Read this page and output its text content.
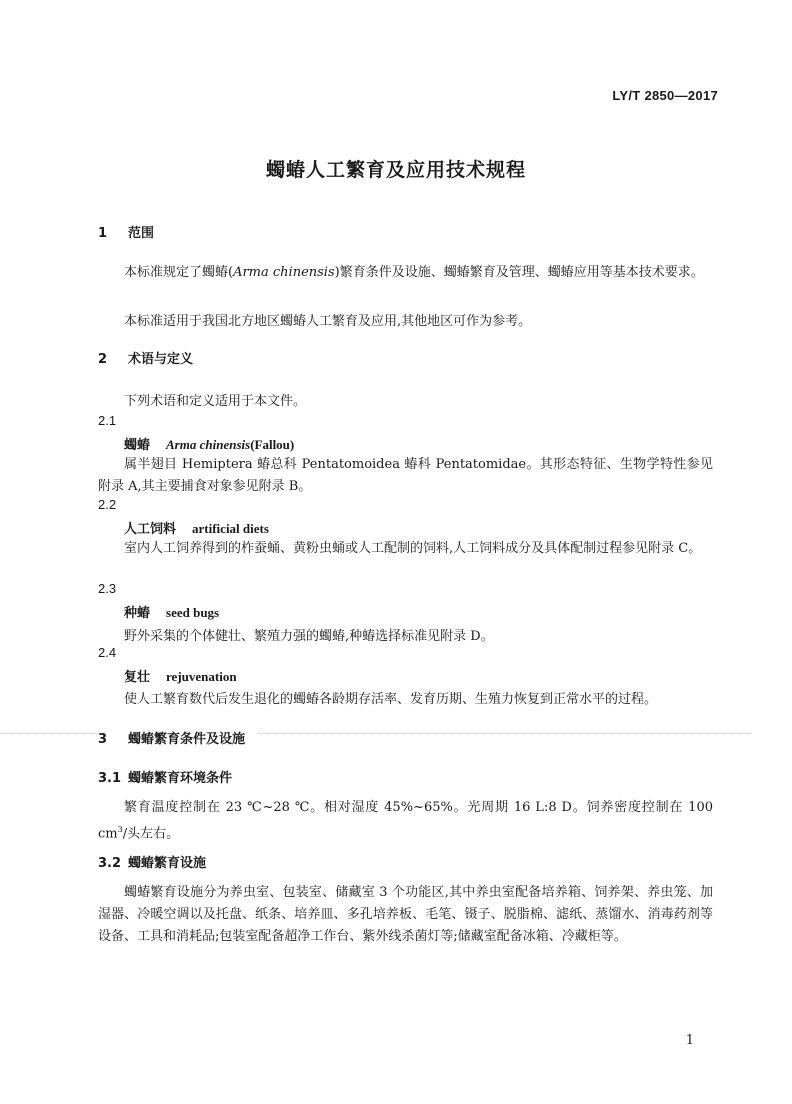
LY/T 2850—2017
蠋蝽人工繁育及应用技术规程
1 范围
本标准规定了蠋蝽(Arma chinensis)繁育条件及设施、蠋蝽繁育及管理、蠋蝽应用等基本技术要求。
本标准适用于我国北方地区蠋蝽人工繁育及应用,其他地区可作为参考。
2 术语与定义
下列术语和定义适用于本文件。
2.1
蠋蝽 Arma chinensis(Fallou)
属半翅目 Hemiptera 蝽总科 Pentatomoidea 蝽科 Pentatomidae。其形态特征、生物学特性参见附录 A,其主要捕食对象参见附录 B。
2.2
人工饲料 artificial diets
室内人工饲养得到的柞蚕蛹、黄粉虫蛹或人工配制的饲料,人工饲料成分及具体配制过程参见附录 C。
2.3
种蝽 seed bugs
野外采集的个体健壮、繁殖力强的蠋蝽,种蝽选择标准见附录 D。
2.4
复壮 rejuvenation
使人工繁育数代后发生退化的蠋蝽各龄期存活率、发育历期、生殖力恢复到正常水平的过程。
3 蠋蝽繁育条件及设施
3.1 蠋蝽繁育环境条件
繁育温度控制在 23 ℃~28 ℃。相对湿度 45%~65%。光周期 16 L:8 D。饲养密度控制在 100 $cm^3/$头左右。
3.2 蠋蝽繁育设施
蠋蝽繁育设施分为养虫室、包装室、储藏室 3 个功能区,其中养虫室配备培养箱、饲养架、养虫笼、加湿器、冷暖空调以及托盘、纸条、培养皿、多孔培养板、毛笔、镊子、脱脂棉、滤纸、蒸馏水、消毒药剂等设备、工具和消耗品;包装室配备超净工作台、紫外线杀菌灯等;储藏室配备冰箱、冷藏柜等。
1
